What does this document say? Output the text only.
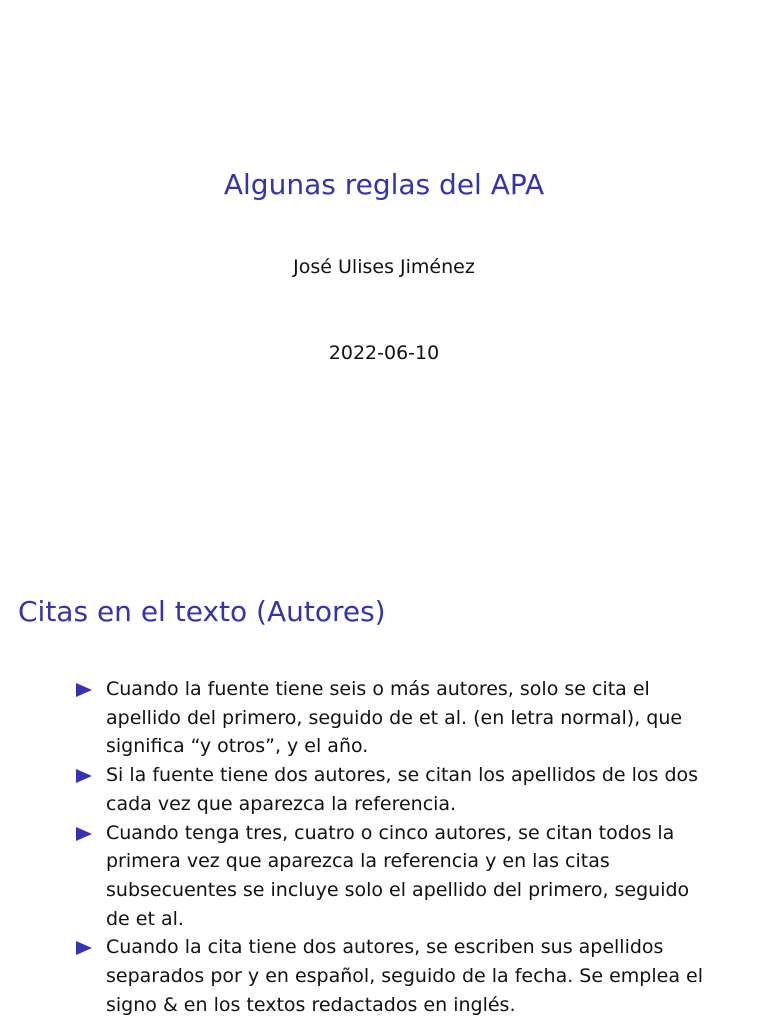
Algunas reglas del APA
José Ulises Jiménez
2022-06-10
Citas en el texto (Autores)
Cuando la fuente tiene seis o más autores, solo se cita el apellido del primero, seguido de et al. (en letra normal), que significa “y otros”, y el año.
Si la fuente tiene dos autores, se citan los apellidos de los dos cada vez que aparezca la referencia.
Cuando tenga tres, cuatro o cinco autores, se citan todos la primera vez que aparezca la referencia y en las citas subsecuentes se incluye solo el apellido del primero, seguido de et al.
Cuando la cita tiene dos autores, se escriben sus apellidos separados por y en español, seguido de la fecha. Se emplea el signo & en los textos redactados en inglés.
